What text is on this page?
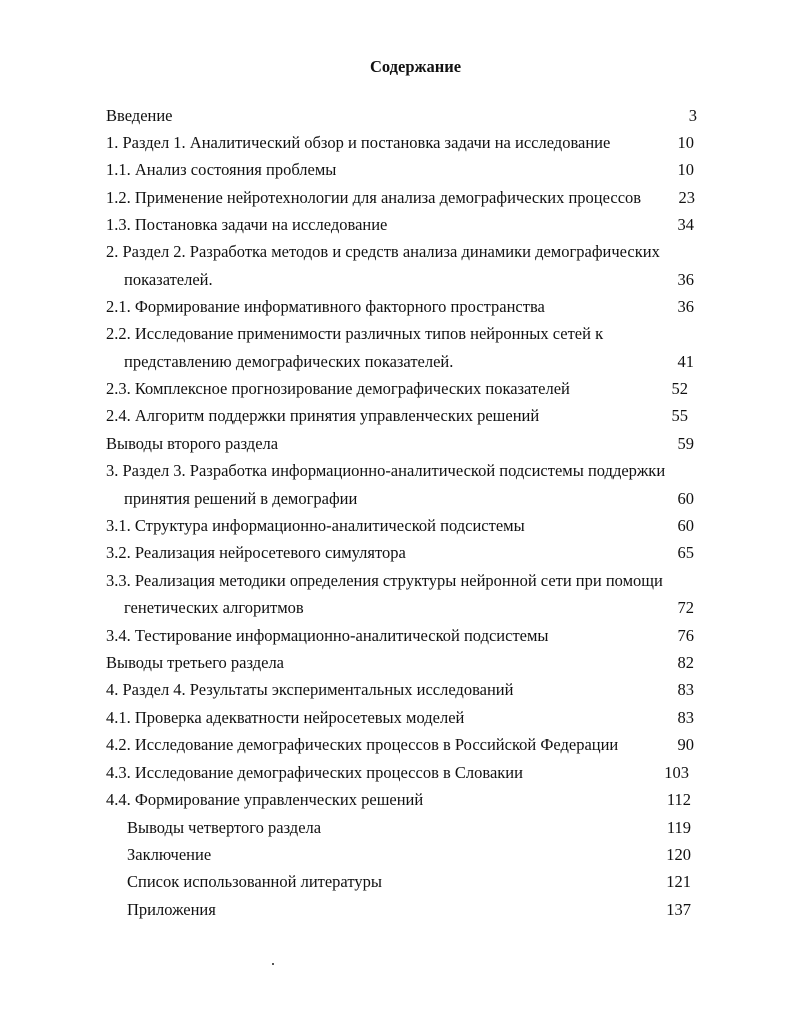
Содержание
Введение	3
1. Раздел 1. Аналитический обзор и постановка задачи на исследование	10
1.1. Анализ состояния проблемы	10
1.2. Применение нейротехнологии для анализа демографических процессов 23
1.3. Постановка задачи на исследование	34
2. Раздел 2. Разработка методов и средств анализа динамики демографических
показателей.	36
2.1. Формирование информативного факторного пространства	36
2.2. Исследование применимости различных типов нейронных сетей к
представлению демографических показателей.	41
2.3. Комплексное прогнозирование демографических показателей	52
2.4. Алгоритм поддержки принятия управленческих решений	55
Выводы второго раздела	59
3. Раздел 3. Разработка информационно-аналитической подсистемы поддержки
принятия решений в демографии	60
3.1. Структура информационно-аналитической подсистемы	60
3.2. Реализация нейросетевого симулятора	65
3.3. Реализация методики определения структуры нейронной сети при помощи
генетических алгоритмов	72
3.4. Тестирование информационно-аналитической подсистемы	76
Выводы третьего раздела	82
4. Раздел 4. Результаты экспериментальных исследований	83
4.1. Проверка адекватности нейросетевых моделей	83
4.2. Исследование демографических процессов в Российской Федерации	90
4.3. Исследование демографических процессов в Словакии	103
4.4. Формирование управленческих решений	112
Выводы четвертого раздела	119
Заключение	120
Список использованной литературы	121
Приложения	137
